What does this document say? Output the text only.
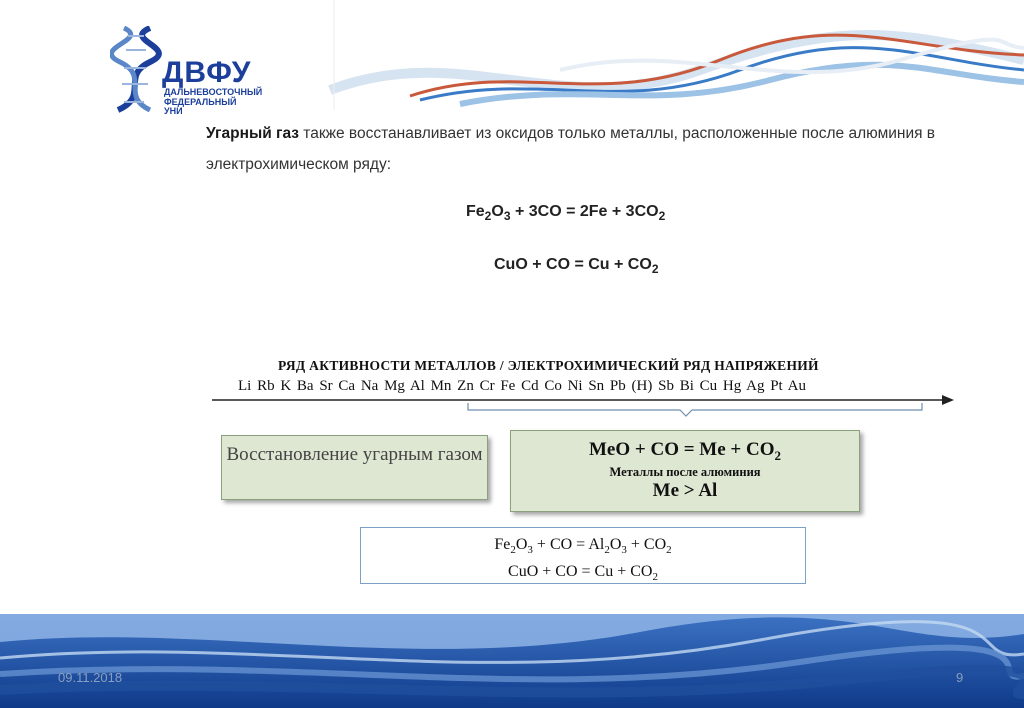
ДВФУ
ДАЛЬНЕВОСТОЧНЫЙ
ФЕДЕРАЛЬНЫЙ
УНИ
Угарный газ также восстанавливает из оксидов только металлы, расположенные после алюминия в электрохимическом ряду:
$Fe_2O_3 + 3CO = 2Fe + 3CO_2$
CuO + CO = $Cu + CO_2$
РЯД АКТИВНОСТИ МЕТАЛЛОВ / ЭЛЕКТРОХИМИЧЕСКИЙ РЯД НАПРЯЖЕНИЙ
Li Rb K Ba Sr Ca Na Mg Al Mn Zn Cr Fe Cd Co Ni Sn Pb (H) Sb Bi Cu Hg Ag Pt Au
Восстановление угарным газом	MeO + CO = $Me + CO_2$
Металлы после алюминия
Me > Al
$Fe_2O_3$ + CO = $Al_2O_3 + CO_2$
CuO + CO = $Cu + CO_2$
09.11.2018	9
